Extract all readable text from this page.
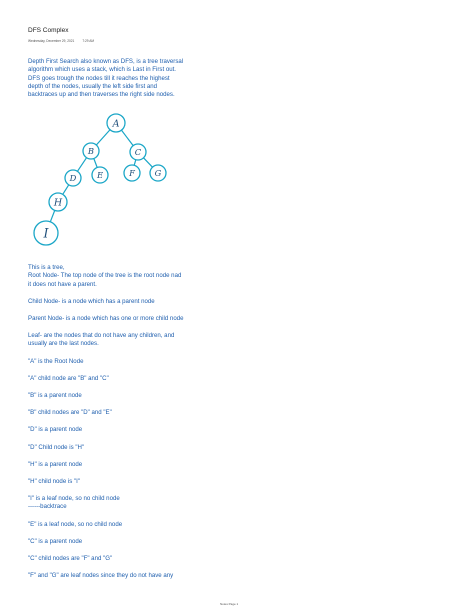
DFS Complex
Wednesday, December 29, 2021	7:29 AM
Depth First Search also known as DFS, is a tree traversal
algorithm which uses a stack, which is Last in First out.
DFS goes trough the nodes till it reaches the highest
depth of the nodes, usually the left side first and
backtraces up and then traverses the right side nodes.
A
B	C
D E	F G
H
I
This is a tree,
Root Node- The top node of the tree is the root node nad
it does not have a parent.
Child Node- is a node which has a parent node
Parent Node- is a node which has one or more child node
Leaf- are the nodes that do not have any children, and
usually are the last nodes.
"A" is the Root Node
"A" child node are "B" and "C"
"B" is a parent node
"B" child nodes are "D" and "E"
"D" is a parent node
"D" Child node is "H"
"H" is a parent node
"H" child node is "I"
"I" is a leaf node, so no child node
------backtrace
"E" is a leaf node, so no child node
"C" is a parent node
"C" child nodes are "F" and "G"
"F" and "G" are leaf nodes since they do not have any
Notes Page 1
